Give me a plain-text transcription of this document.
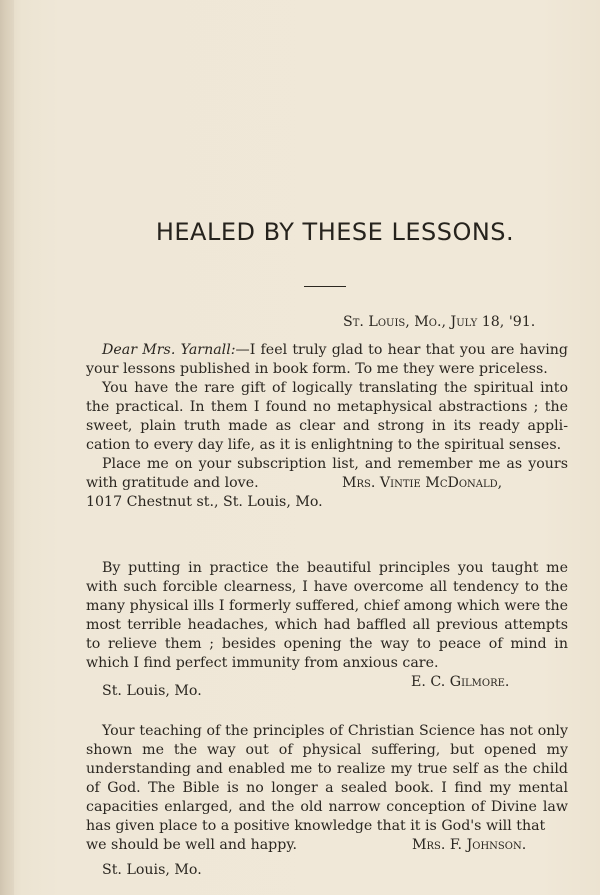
HEALED BY THESE LESSONS.
St. Louis, Mo., July 18, '91.

Dear Mrs. Yarnall:—I feel truly glad to hear that you are having your lessons published in book form. To me they were priceless.

You have the rare gift of logically translating the spiritual into the practical. In them I found no metaphysical abstractions ; the sweet, plain truth made as clear and strong in its ready appli- cation to every day life, as it is enlightning to the spiritual senses.

Place me on your subscription list, and remember me as yours

with gratitude and love.	Mrs. Vintie McDonald,
1017 Chestnut st., St. Louis, Mo.

By putting in practice the beautiful principles you taught me with such forcible clearness, I have overcome all tendency to the many physical ills I formerly suffered, chief among which were the most terrible headaches, which had baffled all previous attempts to relieve them ; besides opening the way to peace of mind in which I find perfect immunity from anxious care.

E. C. Gilmore.
St. Louis, Mo.

Your teaching of the principles of Christian Science has not only shown me the way out of physical suffering, but opened my understanding and enabled me to realize my true self as the child of God. The Bible is no longer a sealed book. I find my mental capacities enlarged, and the old narrow conception of Divine law has given place to a positive knowledge that it is God's will that

we should be well and happy.	Mrs. F. Johnson.
St. Louis, Mo.
